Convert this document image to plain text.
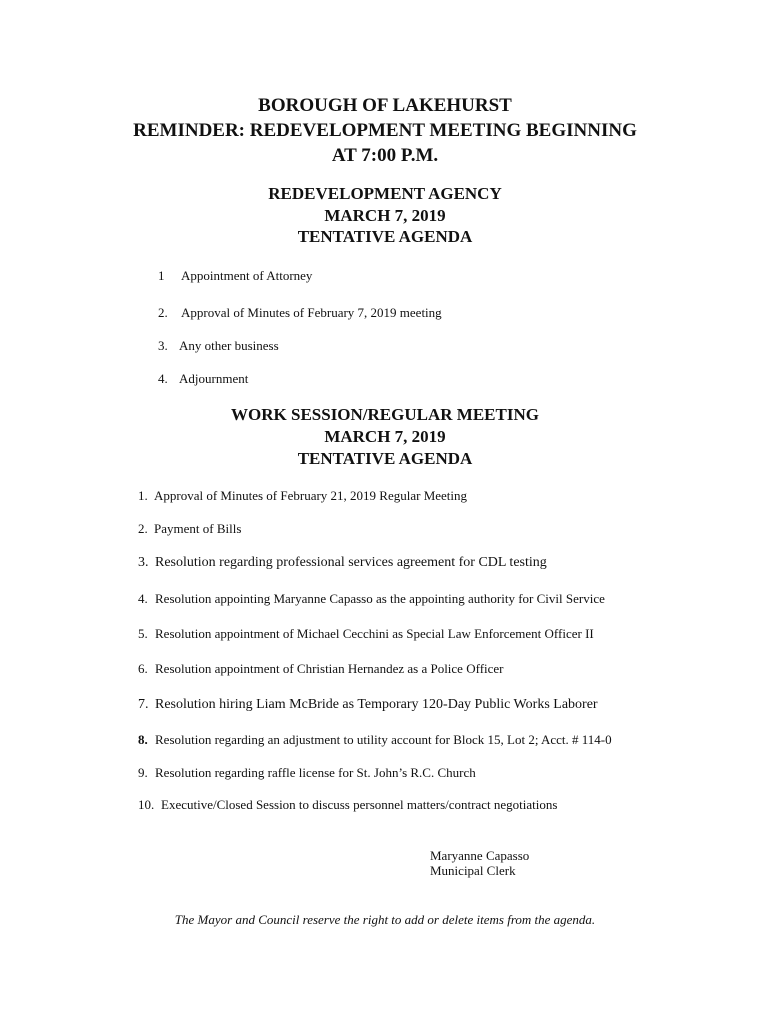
BOROUGH OF LAKEHURST
REMINDER: REDEVELOPMENT MEETING BEGINNING
AT 7:00 P.M.
REDEVELOPMENT AGENCY
MARCH 7, 2019
TENTATIVE AGENDA
1 Appointment of Attorney
2. Approval of Minutes of February 7, 2019 meeting
3. Any other business
4. Adjournment
WORK SESSION/REGULAR MEETING
MARCH 7, 2019
TENTATIVE AGENDA
1. Approval of Minutes of February 21, 2019 Regular Meeting
2. Payment of Bills
3. Resolution regarding professional services agreement for CDL testing
4. Resolution appointing Maryanne Capasso as the appointing authority for Civil Service
5. Resolution appointment of Michael Cecchini as Special Law Enforcement Officer II
6. Resolution appointment of Christian Hernandez as a Police Officer
7. Resolution hiring Liam McBride as Temporary 120-Day Public Works Laborer
8. Resolution regarding an adjustment to utility account for Block 15, Lot 2; Acct. # 114-0
9. Resolution regarding raffle license for St. John’s R.C. Church
10. Executive/Closed Session to discuss personnel matters/contract negotiations
Maryanne Capasso
Municipal Clerk
The Mayor and Council reserve the right to add or delete items from the agenda.
